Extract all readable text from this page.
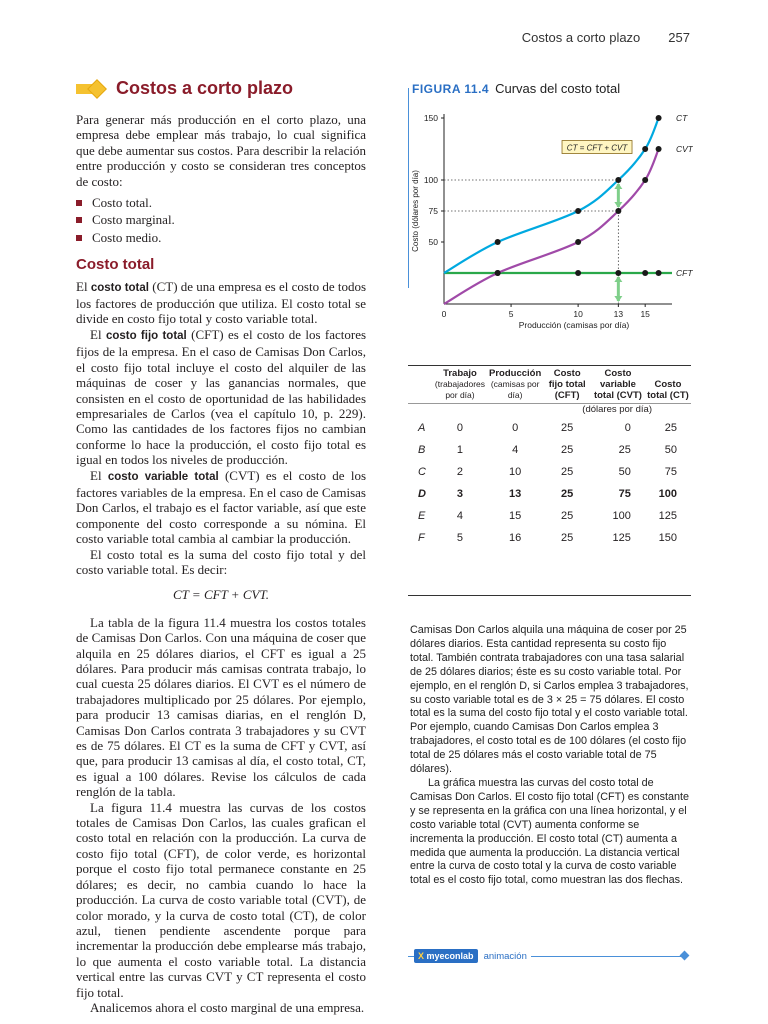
Costos a corto plazo 257
Costos a corto plazo

Para generar más producción en el corto plazo, una empresa debe emplear más trabajo, lo cual significa que debe aumentar sus costos. Para describir la relación entre producción y costo se consideran tres conceptos de costo:

Costo total.
Costo marginal.
Costo medio.
Costo total

El costo total (CT) de una empresa es el costo de todos los factores de producción que utiliza. El costo total se divide en costo fijo total y costo variable total.

El costo fijo total (CFT) es el costo de los factores fijos de la empresa. En el caso de Camisas Don Carlos, el costo fijo total incluye el costo del alquiler de las máquinas de coser y las ganancias normales, que consisten en el costo de oportunidad de las habilidades empresariales de Carlos (vea el capítulo 10, p. 229). Como las cantidades de los factores fijos no cambian conforme lo hace la producción, el costo fijo total es igual en todos los niveles de producción.

El costo variable total (CVT) es el costo de los factores variables de la empresa. En el caso de Camisas Don Carlos, el trabajo es el factor variable, así que este componente del costo corresponde a su nómina. El costo variable total cambia al cambiar la producción.

El costo total es la suma del costo fijo total y del costo variable total. Es decir:

CT = CFT + CVT.

La tabla de la figura 11.4 muestra los costos totales de Camisas Don Carlos. Con una máquina de coser que alquila en 25 dólares diarios, el CFT es igual a 25 dólares. Para producir más camisas contrata trabajo, lo cual cuesta 25 dólares diarios. El CVT es el número de trabajadores multiplicado por 25 dólares. Por ejemplo, para producir 13 camisas diarias, en el renglón D, Camisas Don Carlos contrata 3 trabajadores y su CVT es de 75 dólares. El CT es la suma de CFT y CVT, así que, para producir 13 camisas al día, el costo total, CT, es igual a 100 dólares. Revise los cálculos de cada renglón de la tabla.

La figura 11.4 muestra las curvas de los costos totales de Camisas Don Carlos, las cuales grafican el costo total en relación con la producción. La curva de costo fijo total (CFT), de color verde, es horizontal porque el costo fijo total permanece constante en 25 dólares; es decir, no cambia cuando lo hace la producción. La curva de costo variable total (CVT), de color morado, y la curva de costo total (CT), de color azul, tienen pendiente ascendente porque para incrementar la producción debe emplearse más trabajo, lo que aumenta el costo variable total. La distancia vertical entre las curvas CVT y CT representa el costo fijo total.

Analicemos ahora el costo marginal de una empresa.

FIGURA 11.4 Curvas del costo total
Costo (dólares por día)
Producción (camisas por día)
50
75
100
150
0	5	10	13 15
CT
CVT
CFT
CT = CFT + CVT
	Trabajo
(trabajadores por día)	Producción
(camisas por día)	Costo fijo total (CFT)	Costo variable total (CVT)	Costo total (CT)
			(dólares por día)		
A	0	0	25	0	25
B	1	4	25	25	50
C	2	10	25	50	75
D	3	13	25	75	100
E	4	15	25	100	125
F	5	16	25	125	150

Camisas Don Carlos alquila una máquina de coser por 25 dólares diarios. Esta cantidad representa su costo fijo total. También contrata trabajadores con una tasa salarial de 25 dólares diarios; éste es su costo variable total. Por ejemplo, en el renglón D, si Carlos emplea 3 trabajadores, su costo variable total es de 3 × 25 = 75 dólares. El costo total es la suma del costo fijo total y el costo variable total. Por ejemplo, cuando Camisas Don Carlos emplea 3 trabajadores, el costo total es de 100 dólares (el costo fijo total de 25 dólares más el costo variable total de 75 dólares).

La gráfica muestra las curvas del costo total de Camisas Don Carlos. El costo fijo total (CFT) es constante y se representa en la gráfica con una línea horizontal, y el costo variable total (CVT) aumenta conforme se incrementa la producción. El costo total (CT) aumenta a medida que aumenta la producción. La distancia vertical entre la curva de costo total y la curva de costo variable total es el costo fijo total, como muestran las dos flechas.

X myeconlab	animación
